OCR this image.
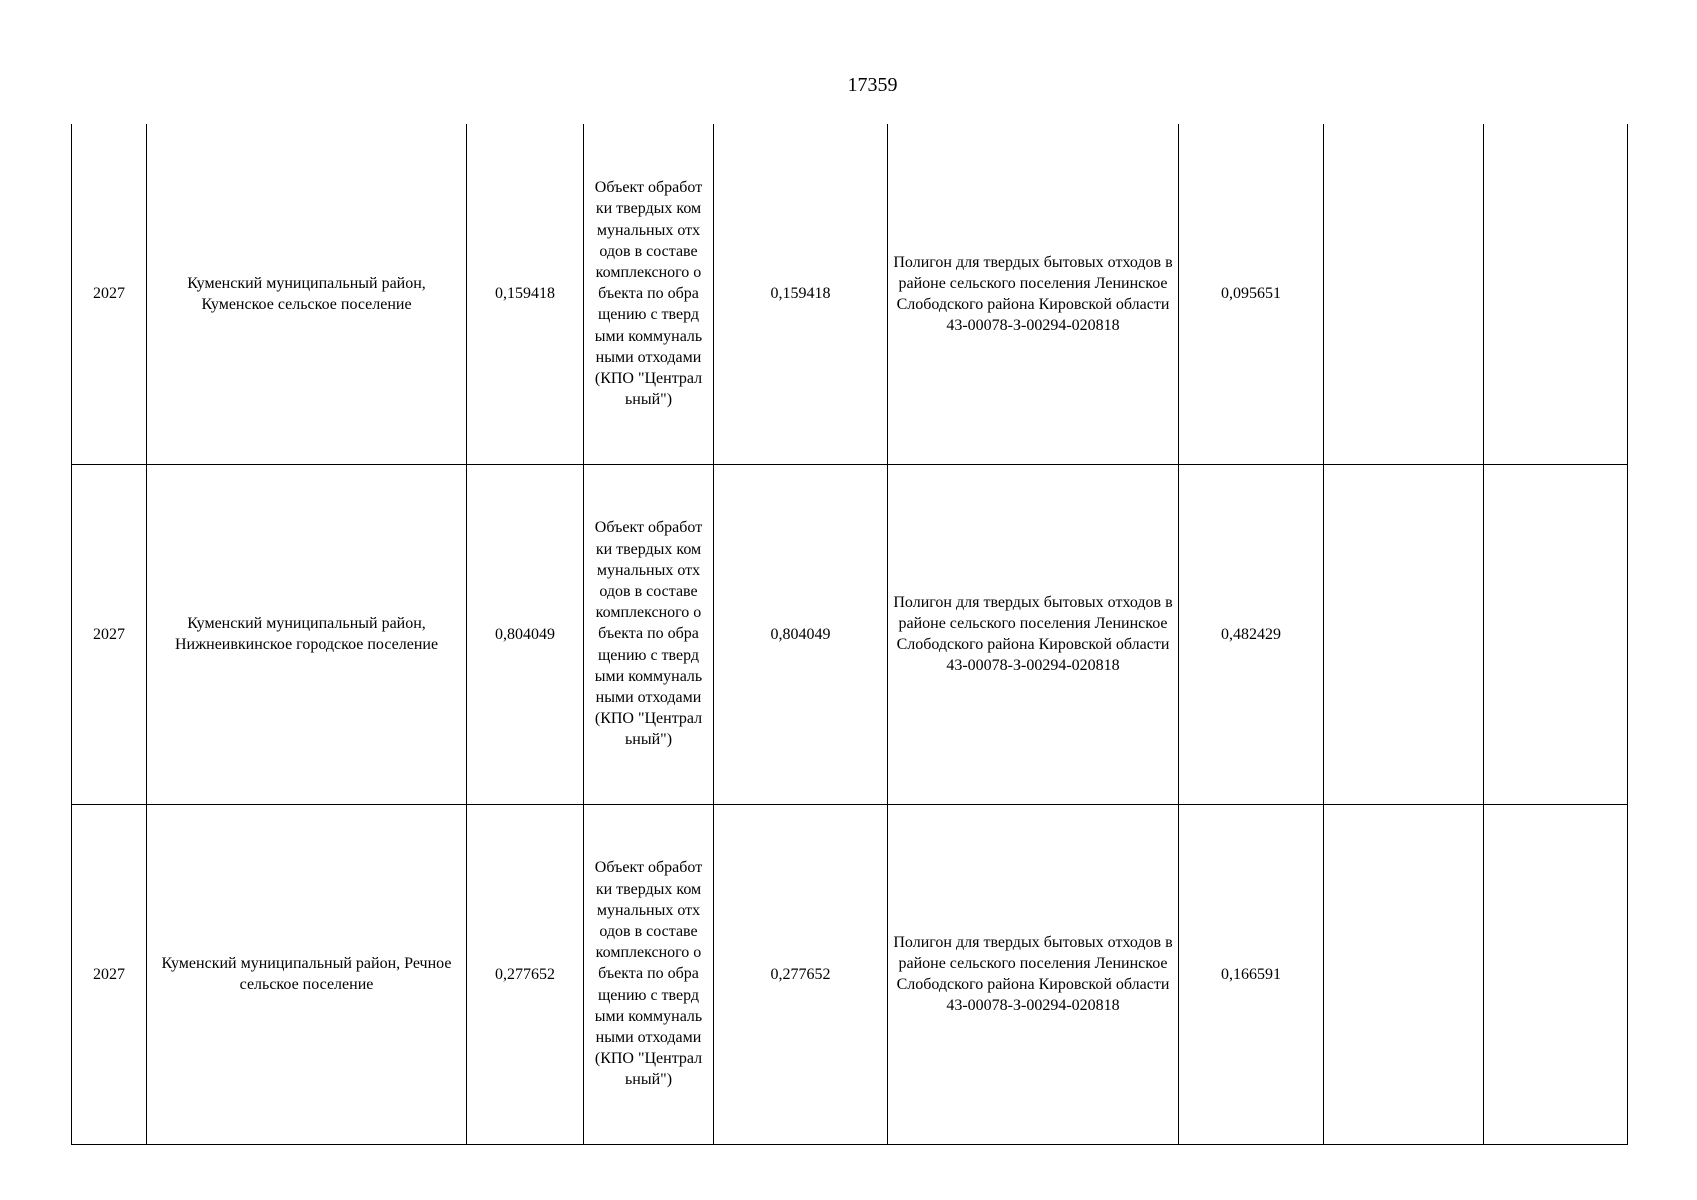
17359
2027	Куменский муниципальный район, Куменское сельское поселение	0,159418	Объект обработки твердых коммунальных отходов в составе комплексного объекта по обращению с твердыми коммунальными отходами (КПО "Центральный")	0,159418	Полигон для твердых бытовых отходов в районе сельского поселения Ленинское Слободского района Кировской области 43-00078-З-00294-020818	0,095651		
2027	Куменский муниципальный район, Нижнеивкинское городское поселение	0,804049	Объект обработки твердых коммунальных отходов в составе комплексного объекта по обращению с твердыми коммунальными отходами (КПО "Центральный")	0,804049	Полигон для твердых бытовых отходов в районе сельского поселения Ленинское Слободского района Кировской области 43-00078-З-00294-020818	0,482429		
2027	Куменский муниципальный район, Речное сельское поселение	0,277652	Объект обработки твердых коммунальных отходов в составе комплексного объекта по обращению с твердыми коммунальными отходами (КПО "Центральный")	0,277652	Полигон для твердых бытовых отходов в районе сельского поселения Ленинское Слободского района Кировской области 43-00078-З-00294-020818	0,166591		
